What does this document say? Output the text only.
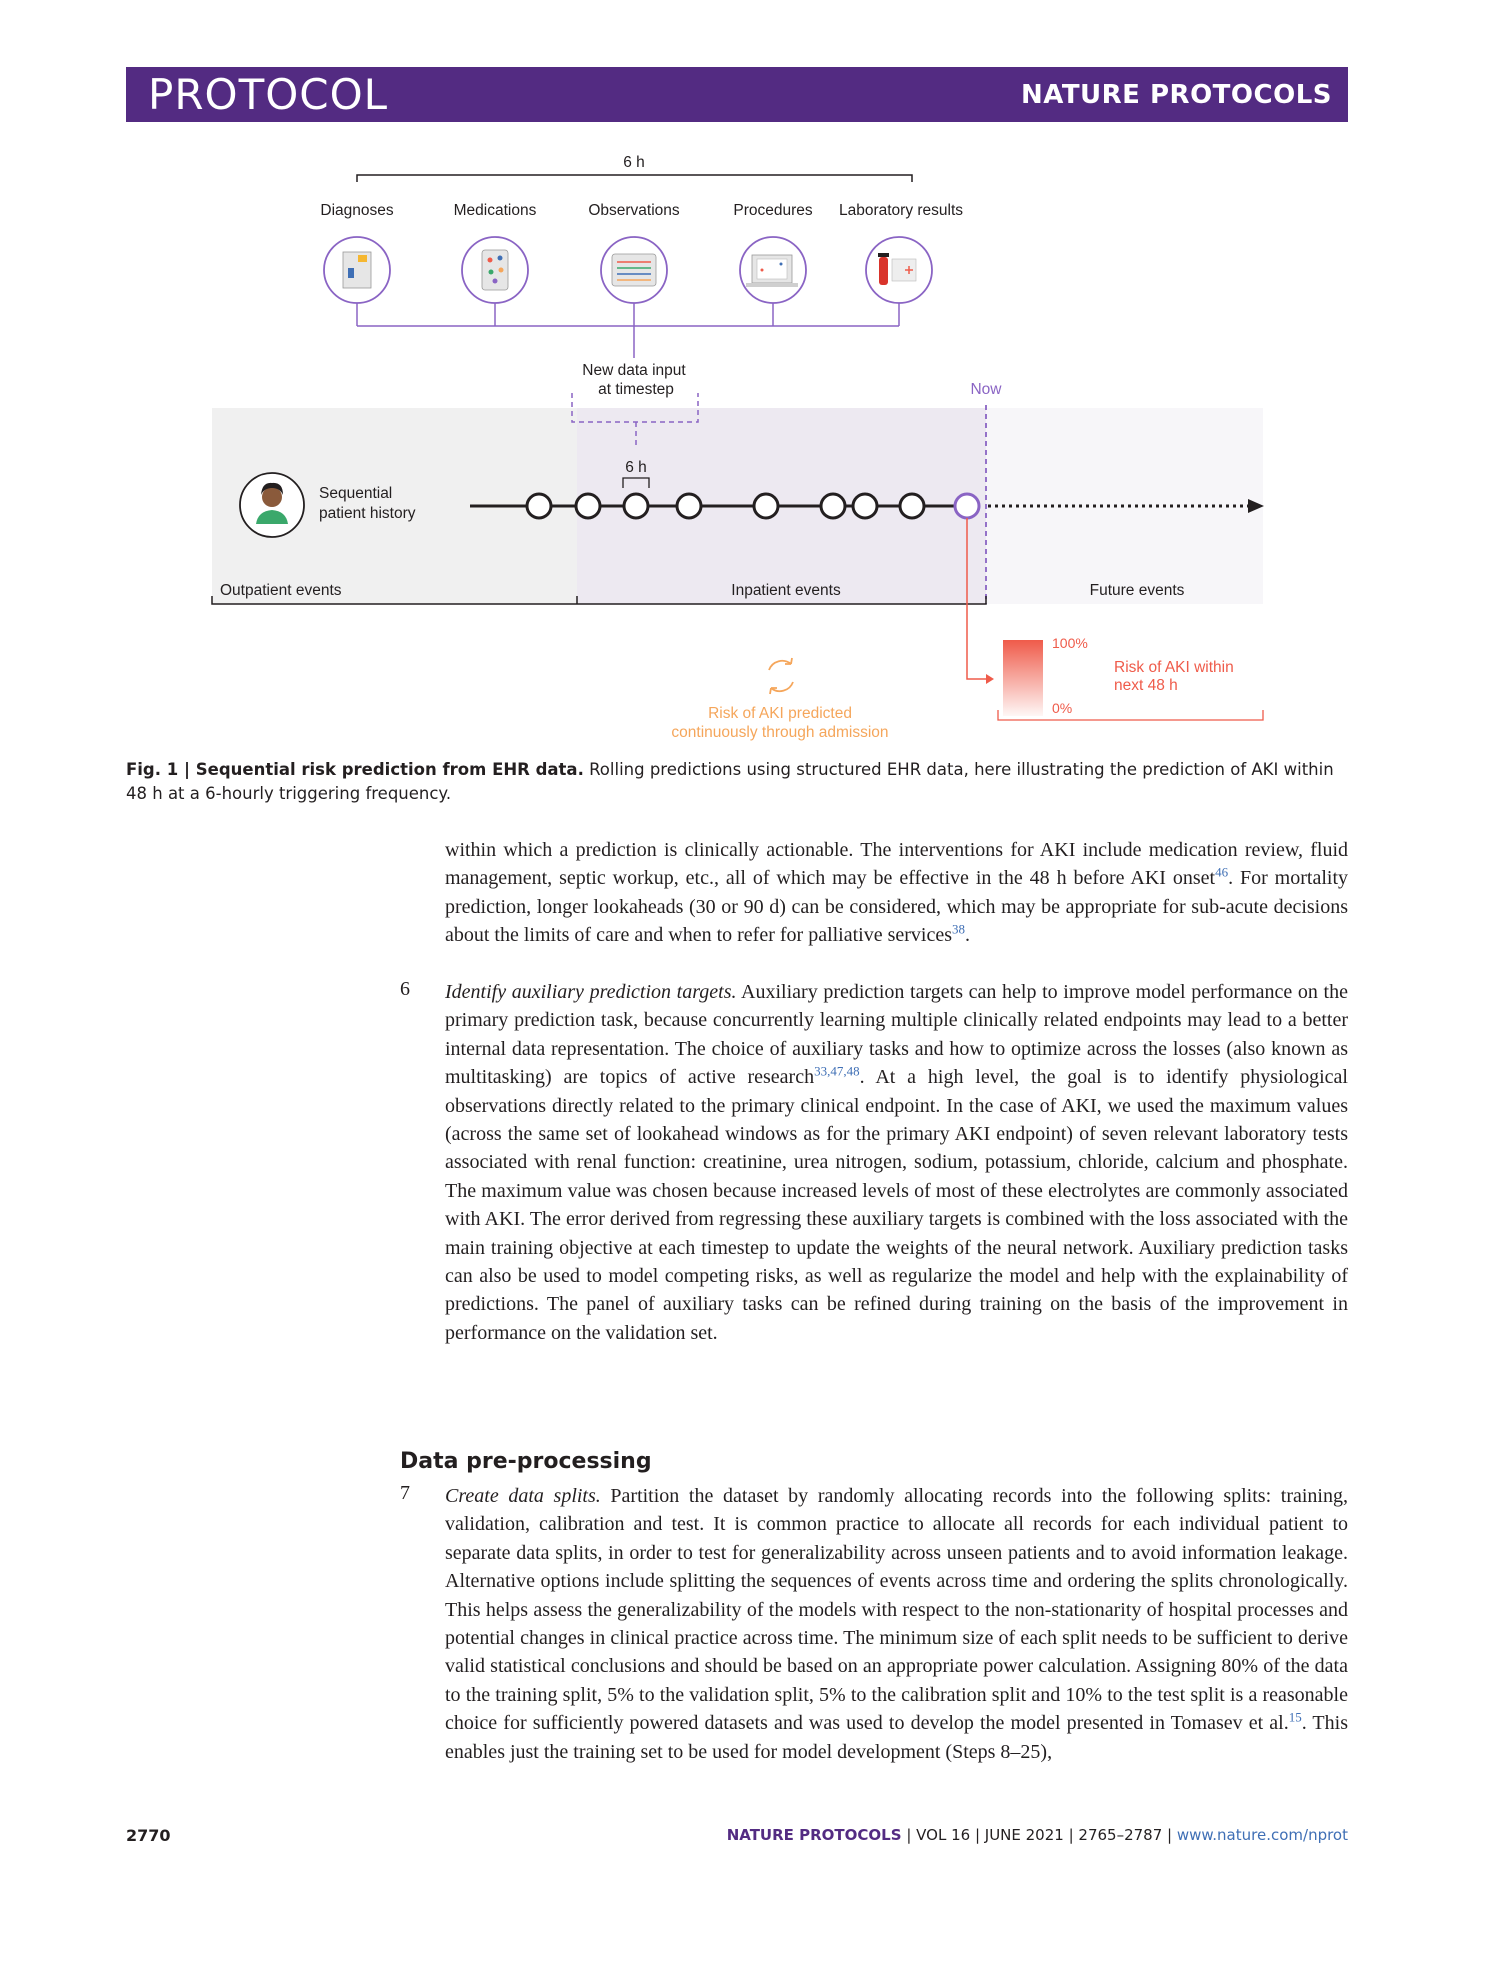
PROTOCOL	NATURE PROTOCOLS
6 h
Diagnoses	Medications	Observations	Procedures Laboratory results
New data input
at timestep	Now
6 h
Sequential
patient history
Outpatient events	Inpatient events	Future events
100%
0%
Risk of AKI within
next 48 h
Risk of AKI predicted
continuously through admission
Fig. 1 | Sequential risk prediction from EHR data. Rolling predictions using structured EHR data, here illustrating the prediction of AKI within 48 h at a 6-hourly triggering frequency.
within which a prediction is clinically actionable. The interventions for AKI include medication review, fluid management, septic workup, etc., all of which may be effective in the 48 h before AKI onset$^{46}$. For mortality prediction, longer lookaheads (30 or 90 d) can be considered, which may be appropriate for sub-acute decisions about the limits of care and when to refer for palliative services$^{38}$.
6 Identify auxiliary prediction targets. Auxiliary prediction targets can help to improve model performance on the primary prediction task, because concurrently learning multiple clinically related endpoints may lead to a better internal data representation. The choice of auxiliary tasks and how to optimize across the losses (also known as multitasking) are topics of active research$^{33,47,48}$. At a high level, the goal is to identify physiological observations directly related to the primary clinical endpoint. In the case of AKI, we used the maximum values (across the same set of lookahead windows as for the primary AKI endpoint) of seven relevant laboratory tests associated with renal function: creatinine, urea nitrogen, sodium, potassium, chloride, calcium and phosphate. The maximum value was chosen because increased levels of most of these electrolytes are commonly associated with AKI. The error derived from regressing these auxiliary targets is combined with the loss associated with the main training objective at each timestep to update the weights of the neural network. Auxiliary prediction tasks can also be used to model competing risks, as well as regularize the model and help with the explainability of predictions. The panel of auxiliary tasks can be refined during training on the basis of the improvement in performance on the validation set.
Data pre-processing
7 Create data splits. Partition the dataset by randomly allocating records into the following splits: training, validation, calibration and test. It is common practice to allocate all records for each individual patient to separate data splits, in order to test for generalizability across unseen patients and to avoid information leakage. Alternative options include splitting the sequences of events across time and ordering the splits chronologically. This helps assess the generalizability of the models with respect to the non-stationarity of hospital processes and potential changes in clinical practice across time. The minimum size of each split needs to be sufficient to derive valid statistical conclusions and should be based on an appropriate power calculation. Assigning 80% of the data to the training split, 5% to the validation split, 5% to the calibration split and 10% to the test split is a reasonable choice for sufficiently powered datasets and was used to develop the model presented in Tomasev et al.$^{15}$. This enables just the training set to be used for model development (Steps 8–25),
2770	NATURE PROTOCOLS | VOL 16 | JUNE 2021 | 2765–2787 | www.nature.com/nprot
